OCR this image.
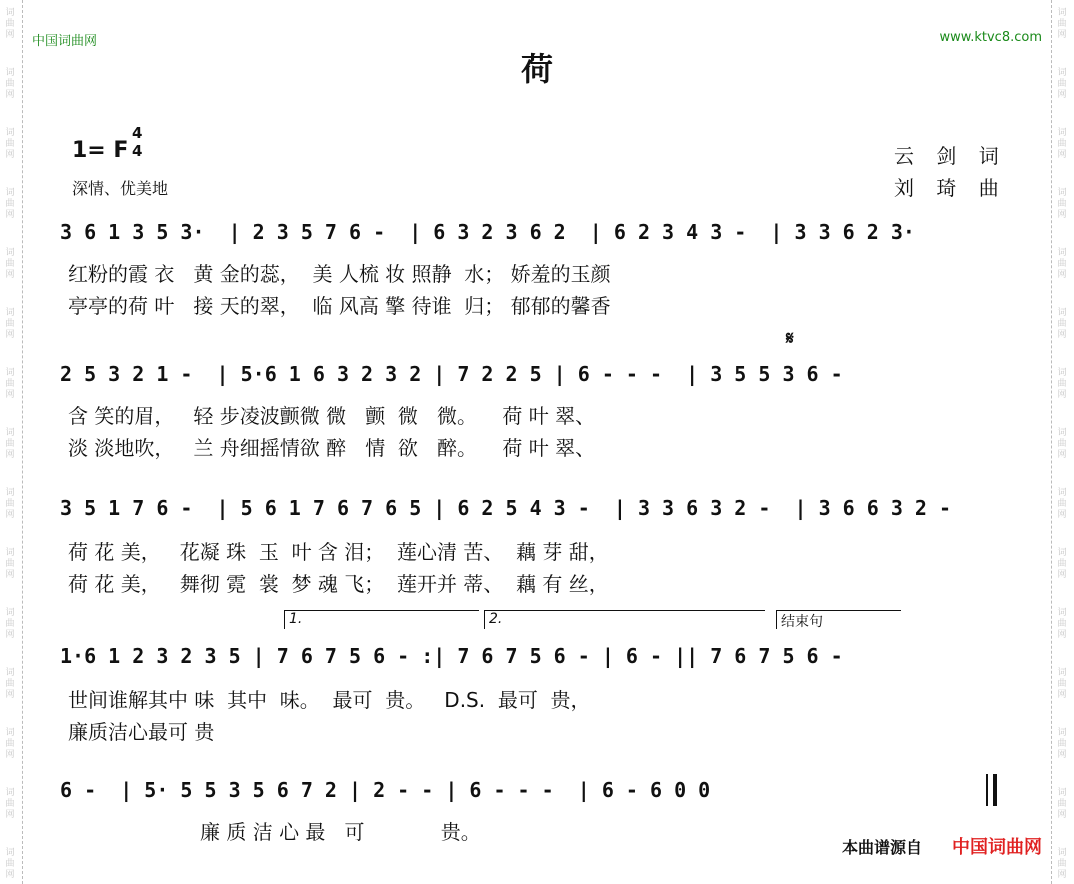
词曲网
词曲网
词曲网
词曲网
词曲网
词曲网
词曲网
词曲网
词曲网
词曲网
词曲网
词曲网
词曲网
词曲网
词曲网
词曲网
词曲网
词曲网
词曲网
词曲网
词曲网
词曲网
词曲网
词曲网
词曲网
词曲网
词曲网
词曲网
词曲网
词曲网
中国词曲网	www.ktvc8.com
荷
1= F
4
4
深情、优美地
云 剑 词
刘 琦 曲
3 6 1 3 5 3·  | 2 3 5 7 6 -  | 6 3 2 3 6 2  | 6 2 3 4 3 -  | 3 3 6 2 3·
红粉的霞 衣   黄 金的蕊，  美 人梳 妆 照静  水； 娇羞的玉颜
亭亭的荷 叶   接 天的翠，  临 风高 擎 待谁  归； 郁郁的馨香
𝄋
2 5 3 2 1 -  | 5·6 1 6 3 2 3 2 | 7 2 2 5 | 6 - - -  | 3 5 5 3 6 -
含 笑的眉，   轻 步凌波颤微 微   颤  微   微。    荷 叶 翠、
淡 淡地吹，   兰 舟细摇情欲 醉   情  欲   醉。    荷 叶 翠、
3 5 1 7 6 -  | 5 6 1 7 6 7 6 5 | 6 2 5 4 3 -  | 3 3 6 3 2 -  | 3 6 6 3 2 -
荷 花 美，   花凝 珠  玉  叶 含 泪；  莲心清 苦、  藕 芽 甜，
荷 花 美，   舞彻 霓  裳  梦 魂 飞；  莲开并 蒂、  藕 有 丝，
1.	2.	结束句
1·6 1 2 3 2 3 5 | 7 6 7 5 6 - :| 7 6 7 5 6 - | 6 - || 7 6 7 5 6 -
世间谁解其中 味  其中  味。  最可  贵。   D.S.  最可  贵，
廉质洁心最可 贵
6 -  | 5· 5 5 3 5 6 7 2 | 2 - - | 6 - - -  | 6 - 6 0 0
廉 质 洁 心 最   可            贵。
本曲谱源自 中国词曲网
